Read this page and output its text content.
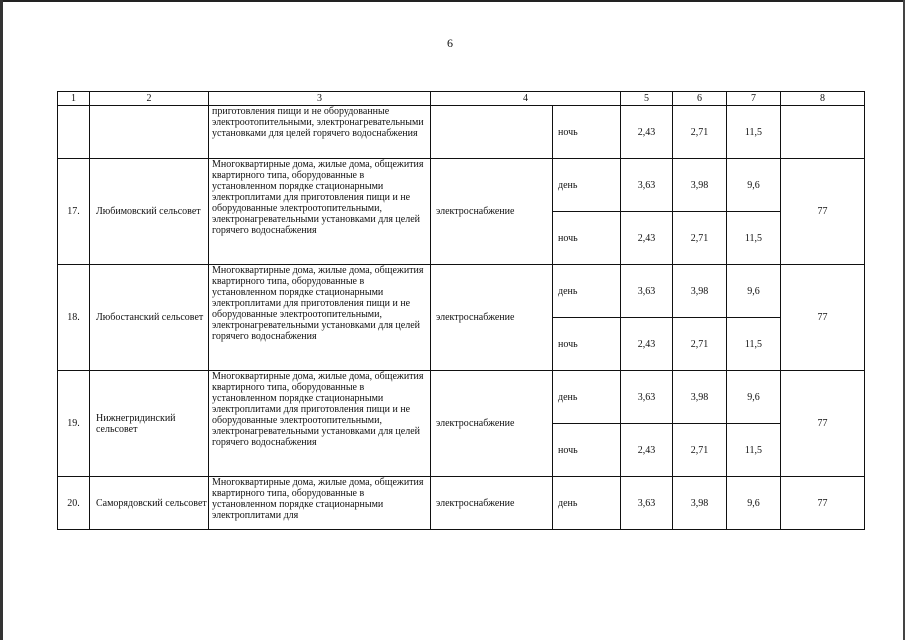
6
1	2	3	4		5	6	7	8
		приготовления пищи и не оборудованные электроотопительными, электронагревательными установками для целей горячего водоснабжения		ночь	2,43	2,71	11,5	
17.	Любимовский сельсовет	Многоквартирные дома, жилые дома, общежития квартирного типа, оборудованные в установленном порядке стационарными электроплитами для приготовления пищи и не оборудованные электроотопительными, электронагревательными установками для целей горячего водоснабжения	электроснабжение	день	3,63	3,98	9,6	77
				ночь	2,43	2,71	11,5	
18.	Любостанский сельсовет	Многоквартирные дома, жилые дома, общежития квартирного типа, оборудованные в установленном порядке стационарными электроплитами для приготовления пищи и не оборудованные электроотопительными, электронагревательными установками для целей горячего водоснабжения	электроснабжение	день	3,63	3,98	9,6	77
				ночь	2,43	2,71	11,5	
19.	Нижнегридинский сельсовет	Многоквартирные дома, жилые дома, общежития квартирного типа, оборудованные в установленном порядке стационарными электроплитами для приготовления пищи и не оборудованные электроотопительными, электронагревательными установками для целей горячего водоснабжения	электроснабжение	день	3,63	3,98	9,6	77
				ночь	2,43	2,71	11,5	
20.	Саморядовский сельсовет	Многоквартирные дома, жилые дома, общежития квартирного типа, оборудованные в установленном порядке стационарными электроплитами для	электроснабжение	день	3,63	3,98	9,6	77
